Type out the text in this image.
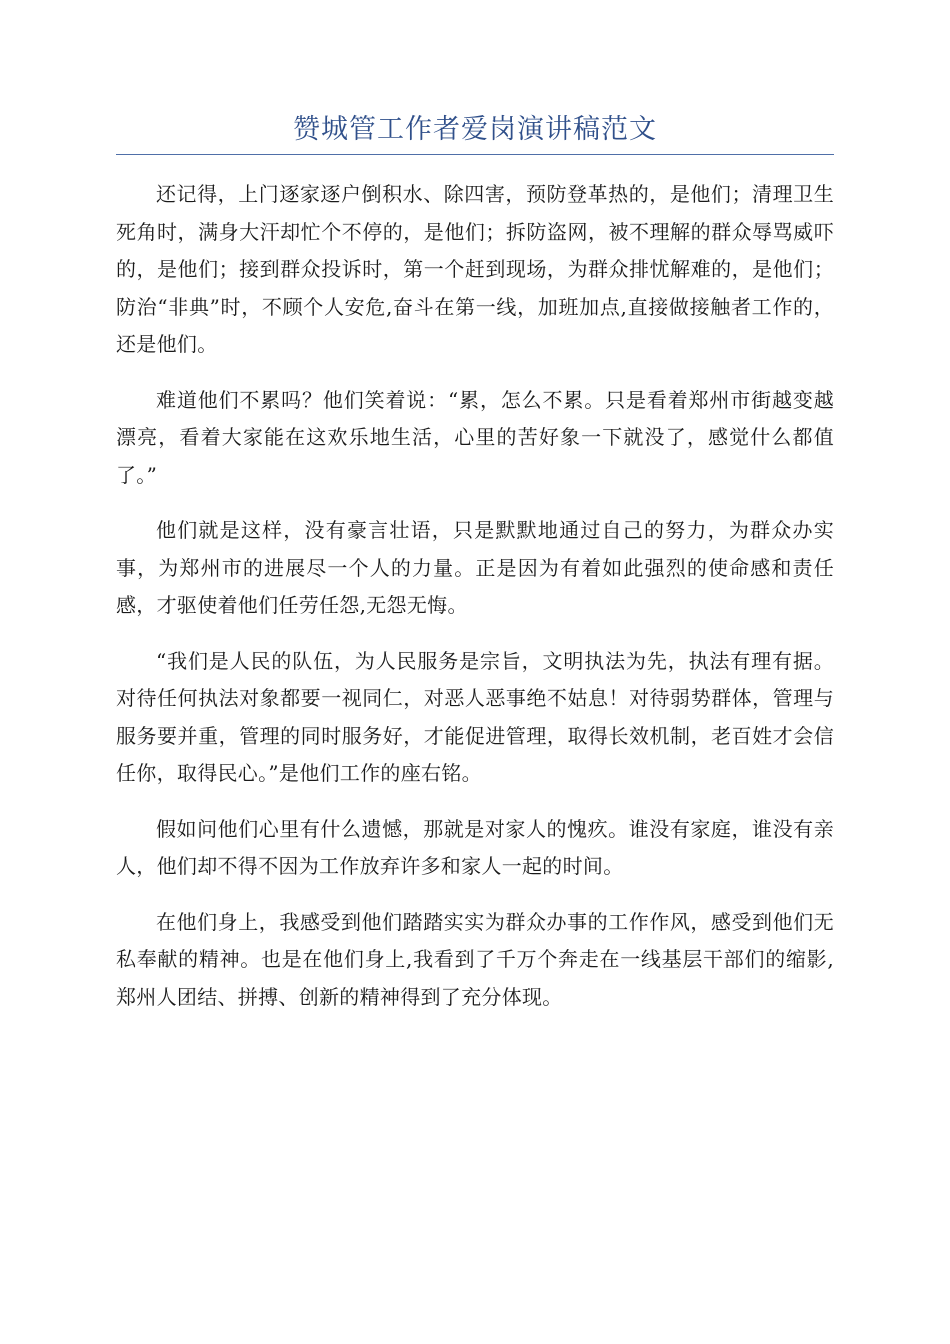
赞城管工作者爱岗演讲稿范文

还记得，上门逐家逐户倒积水、除四害，预防登革热的，是他们；清理卫生死角时，满身大汗却忙个不停的，是他们；拆防盗网，被不理解的群众辱骂威吓的，是他们；接到群众投诉时，第一个赶到现场，为群众排忧解难的，是他们；防治“非典”时，不顾个人安危,奋斗在第一线，加班加点,直接做接触者工作的，还是他们。

难道他们不累吗？他们笑着说：“累，怎么不累。只是看着郑州市街越变越漂亮，看着大家能在这欢乐地生活，心里的苦好象一下就没了，感觉什么都值了。”

他们就是这样，没有豪言壮语，只是默默地通过自己的努力，为群众办实事，为郑州市的进展尽一个人的力量。正是因为有着如此强烈的使命感和责任感，才驱使着他们任劳任怨,无怨无悔。

“我们是人民的队伍，为人民服务是宗旨，文明执法为先，执法有理有据。对待任何执法对象都要一视同仁，对恶人恶事绝不姑息！对待弱势群体，管理与服务要并重，管理的同时服务好，才能促进管理，取得长效机制，老百姓才会信任你，取得民心。”是他们工作的座右铭。

假如问他们心里有什么遗憾，那就是对家人的愧疚。谁没有家庭，谁没有亲人，他们却不得不因为工作放弃许多和家人一起的时间。

在他们身上，我感受到他们踏踏实实为群众办事的工作作风，感受到他们无私奉献的精神。也是在他们身上,我看到了千万个奔走在一线基层干部们的缩影,郑州人团结、拼搏、创新的精神得到了充分体现。
